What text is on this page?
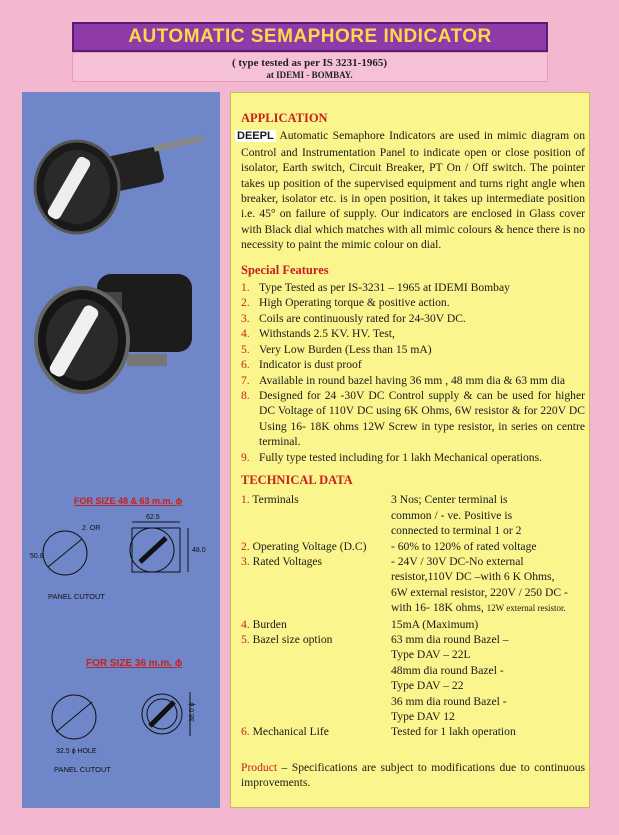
AUTOMATIC SEMAPHORE INDICATOR
( type tested as per IS 3231-1965)
at IDEMI - BOMBAY.
2. OR
62.5
48.0
50.8
36.0 ϕ
32.5 ϕ HOLE
FOR SIZE 48 & 63 m.m. ϕ
PANEL CUTOUT
FOR SIZE 36 m.m. ϕ
PANEL CUTOUT
APPLICATION
DEEPL Automatic Semaphore Indicators are used in mimic diagram on Control and Instrumentation Panel to indicate open or close position of isolator, Earth switch, Circuit Breaker, PT On / Off switch. The pointer takes up position of the supervised equipment and turns right angle when breaker, isolator etc. is in open position, it takes up intermediate position i.e. 45° on failure of supply. Our indicators are enclosed in Glass cover with Black dial which matches with all mimic colours & hence there is no necessity to paint the mimic colour on dial.
Special Features
1. Type Tested as per IS-3231 – 1965 at IDEMI Bombay
2. High Operating torque & positive action.
3. Coils are continuously rated for 24-30V DC.
4. Withstands 2.5 KV. HV. Test,
5. Very Low Burden (Less than 15 mA)
6. Indicator is dust proof
7. Available in round bazel having 36 mm , 48 mm dia & 63 mm dia
8. Designed for 24 -30V DC Control supply & can be used for higher DC Voltage of 110V DC using 6K Ohms, 6W resistor & for 220V DC Using 16- 18K ohms 12W Screw in type resistor, in series on centre terminal.
9. Fully type tested including for 1 lakh Mechanical operations.
TECHNICAL DATA
1. Terminals	3 Nos; Center terminal is
common / - ve. Positive is
connected to terminal 1 or 2
2. Operating Voltage (D.C)	- 60% to 120% of rated voltage
3. Rated Voltages	- 24V / 30V DC-No external
resistor,110V DC –with 6 K Ohms,
6W external resistor, 220V / 250 DC -
with 16- 18K ohms, 12W external resistor.
4. Burden	15mA (Maximum)
5. Bazel size option	63 mm dia round Bazel –
Type DAV – 22L
48mm dia round Bazel -
Type DAV – 22
36 mm dia round Bazel -
Type DAV 12
6. Mechanical Life	Tested for 1 lakh operation
Product – Specifications are subject to modifications due to continuous improvements.
